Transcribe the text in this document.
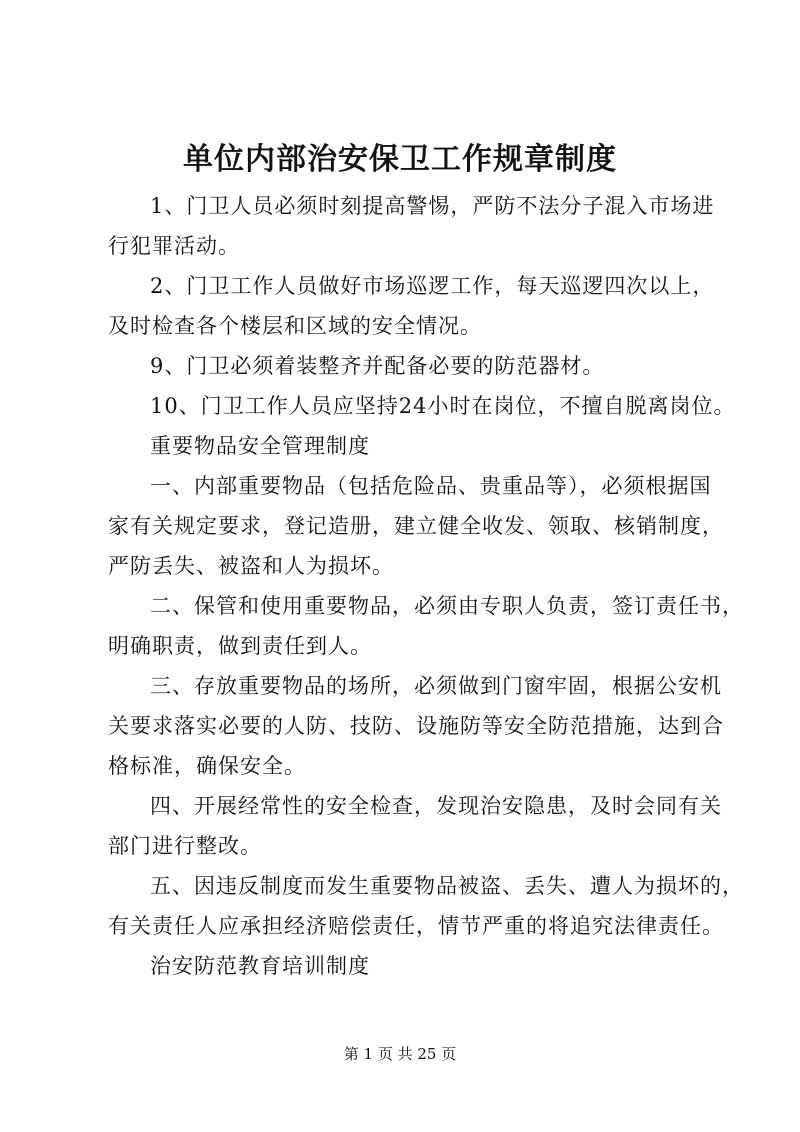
单位内部治安保卫工作规章制度
1、门卫人员必须时刻提高警惕，严防不法分子混入市场进
行犯罪活动。
2、门卫工作人员做好市场巡逻工作，每天巡逻四次以上，
及时检查各个楼层和区域的安全情况。
9、门卫必须着装整齐并配备必要的防范器材。
10、门卫工作人员应坚持24小时在岗位，不擅自脱离岗位。
重要物品安全管理制度
一、内部重要物品（包括危险品、贵重品等），必须根据国
家有关规定要求，登记造册，建立健全收发、领取、核销制度，
严防丢失、被盗和人为损坏。
二、保管和使用重要物品，必须由专职人负责，签订责任书，
明确职责，做到责任到人。
三、存放重要物品的场所，必须做到门窗牢固，根据公安机
关要求落实必要的人防、技防、设施防等安全防范措施，达到合
格标准，确保安全。
四、开展经常性的安全检查，发现治安隐患，及时会同有关
部门进行整改。
五、因违反制度而发生重要物品被盗、丢失、遭人为损坏的，
有关责任人应承担经济赔偿责任，情节严重的将追究法律责任。
治安防范教育培训制度
第 1 页 共 25 页
